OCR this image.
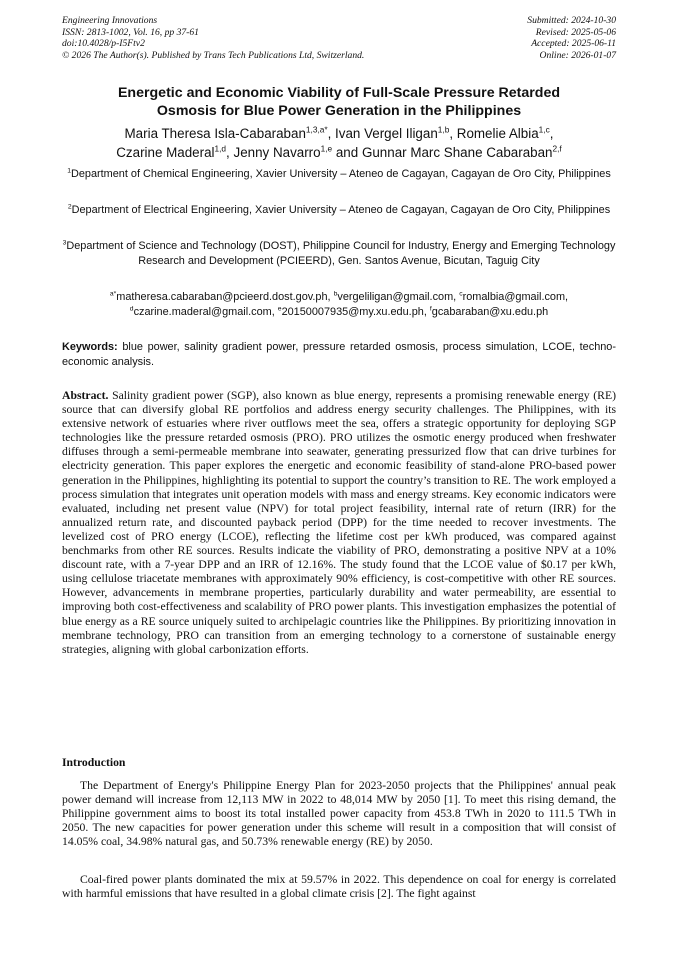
Engineering Innovations
ISSN: 2813-1002, Vol. 16, pp 37-61
doi:10.4028/p-I5Ftv2
© 2026 The Author(s). Published by Trans Tech Publications Ltd, Switzerland.
Submitted: 2024-10-30
Revised: 2025-05-06
Accepted: 2025-06-11
Online: 2026-01-07
Energetic and Economic Viability of Full-Scale Pressure Retarded
Osmosis for Blue Power Generation in the Philippines

Maria Theresa Isla-Cabaraban$^{1,3,a*}$, Ivan Vergel Iligan$^{1,b}$, Romelie Albia$^{1,c}$,
Czarine Maderal$^{1,d}$, Jenny Navarro$^{1,e}$ and Gunnar Marc Shane Cabaraban$^{2,f}$

$^1$Department of Chemical Engineering, Xavier University – Ateneo de Cagayan, Cagayan de Oro City, Philippines

$^2$Department of Electrical Engineering, Xavier University – Ateneo de Cagayan, Cagayan de Oro City, Philippines

$^3$Department of Science and Technology (DOST), Philippine Council for Industry, Energy and Emerging Technology Research and Development (PCIEERD), Gen. Santos Avenue, Bicutan, Taguig City

$^{a*}$matheresa.cabaraban@pcieerd.dost.gov.ph, $^b$vergeliligan@gmail.com, $^c$romalbia@gmail.com,
$^d$czarine.maderal@gmail.com, $^e$20150007935@my.xu.edu.ph, $^f$gcabaraban@xu.edu.ph

Keywords: blue power, salinity gradient power, pressure retarded osmosis, process simulation, LCOE, techno-economic analysis.

Abstract. Salinity gradient power (SGP), also known as blue energy, represents a promising renewable energy (RE) source that can diversify global RE portfolios and address energy security challenges. The Philippines, with its extensive network of estuaries where river outflows meet the sea, offers a strategic opportunity for deploying SGP technologies like the pressure retarded osmosis (PRO). PRO utilizes the osmotic energy produced when freshwater diffuses through a semi-permeable membrane into seawater, generating pressurized flow that can drive turbines for electricity generation. This paper explores the energetic and economic feasibility of stand-alone PRO-based power generation in the Philippines, highlighting its potential to support the country’s transition to RE. The work employed a process simulation that integrates unit operation models with mass and energy streams. Key economic indicators were evaluated, including net present value (NPV) for total project feasibility, internal rate of return (IRR) for the annualized return rate, and discounted payback period (DPP) for the time needed to recover investments. The levelized cost of PRO energy (LCOE), reflecting the lifetime cost per kWh produced, was compared against benchmarks from other RE sources. Results indicate the viability of PRO, demonstrating a positive NPV at a 10% discount rate, with a 7-year DPP and an IRR of 12.16%. The study found that the LCOE value of $0.17 per kWh, using cellulose triacetate membranes with approximately 90% efficiency, is cost-competitive with other RE sources. However, advancements in membrane properties, particularly durability and water permeability, are essential to improving both cost-effectiveness and scalability of PRO power plants. This investigation emphasizes the potential of blue energy as a RE source uniquely suited to archipelagic countries like the Philippines. By prioritizing innovation in membrane technology, PRO can transition from an emerging technology to a cornerstone of sustainable energy strategies, aligning with global carbonization efforts.

Introduction

The Department of Energy's Philippine Energy Plan for 2023-2050 projects that the Philippines' annual peak power demand will increase from 12,113 MW in 2022 to 48,014 MW by 2050 [1]. To meet this rising demand, the Philippine government aims to boost its total installed power capacity from 453.8 TWh in 2020 to 111.5 TWh in 2050. The new capacities for power generation under this scheme will result in a composition that will consist of 14.05% coal, 34.98% natural gas, and 50.73% renewable energy (RE) by 2050.

Coal-fired power plants dominated the mix at 59.57% in 2022. This dependence on coal for energy is correlated with harmful emissions that have resulted in a global climate crisis [2]. The fight against
